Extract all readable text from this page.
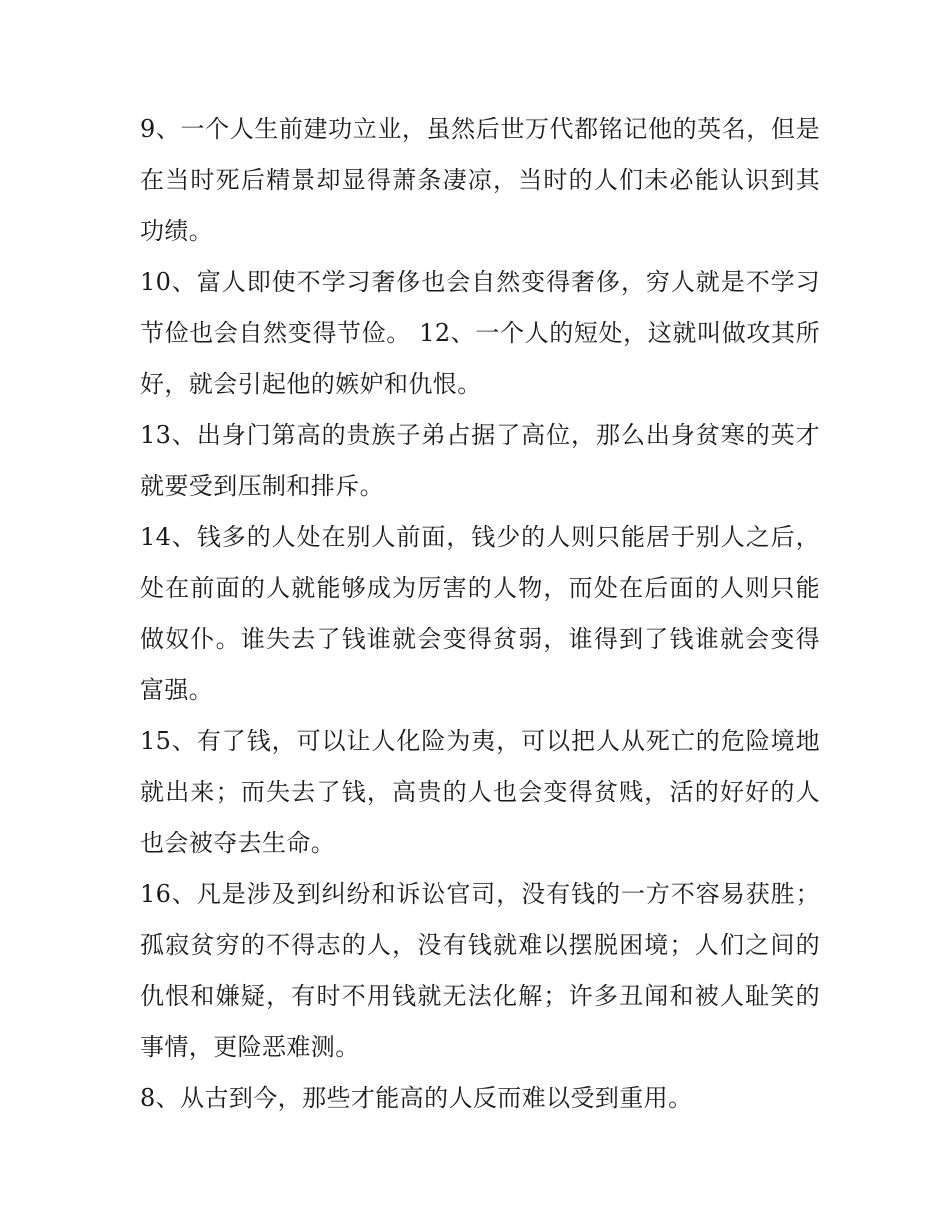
9、一个人生前建功立业，虽然后世万代都铭记他的英名，但是在当时死后精景却显得萧条凄凉，当时的人们未必能认识到其功绩。

10、富人即使不学习奢侈也会自然变得奢侈，穷人就是不学习节俭也会自然变得节俭。 12、一个人的短处，这就叫做攻其所好，就会引起他的嫉妒和仇恨。

13、出身门第高的贵族子弟占据了高位，那么出身贫寒的英才就要受到压制和排斥。

14、钱多的人处在别人前面，钱少的人则只能居于别人之后，处在前面的人就能够成为厉害的人物，而处在后面的人则只能做奴仆。谁失去了钱谁就会变得贫弱，谁得到了钱谁就会变得富强。

15、有了钱，可以让人化险为夷，可以把人从死亡的危险境地就出来；而失去了钱，高贵的人也会变得贫贱，活的好好的人也会被夺去生命。

16、凡是涉及到纠纷和诉讼官司，没有钱的一方不容易获胜；孤寂贫穷的不得志的人，没有钱就难以摆脱困境；人们之间的仇恨和嫌疑，有时不用钱就无法化解；许多丑闻和被人耻笑的事情，更险恶难测。

8、从古到今，那些才能高的人反而难以受到重用。
